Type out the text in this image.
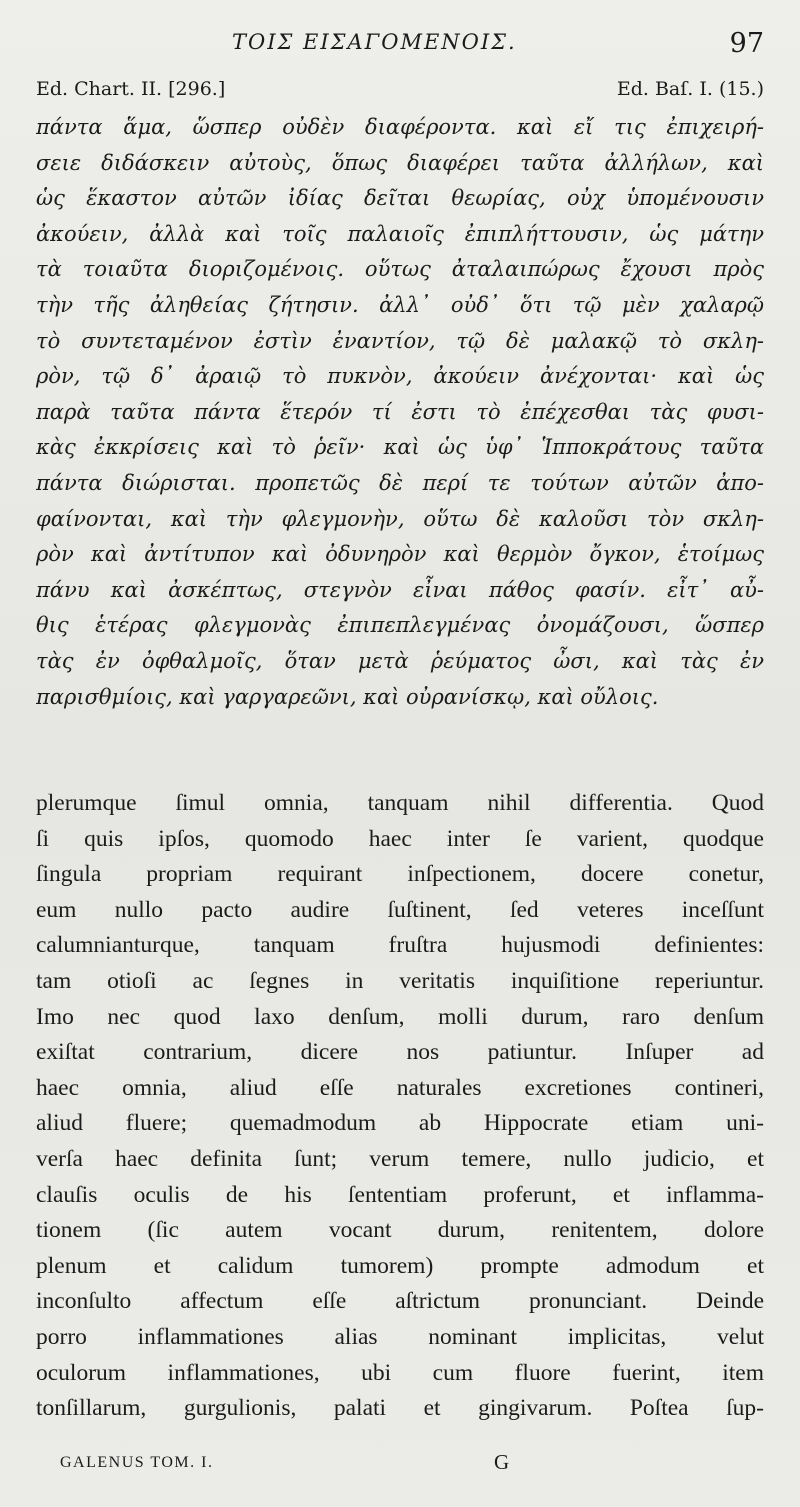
ΤΟΙΣ ΕΙΣΑΓΟΜΕΝΟΙΣ.	97
Ed. Chart. II. [296.]	Ed. Baſ. I. (15.)
πάντα ἅμα, ὥσπερ οὐδὲν διαφέροντα. καὶ εἴ τις ἐπιχειρή-
σειε διδάσκειν αὐτοὺς, ὅπως διαφέρει ταῦτα ἀλλήλων, καὶ
ὡς ἕκαστον αὐτῶν ἰδίας δεῖται θεωρίας, οὐχ ὑπομένουσιν
ἀκούειν, ἀλλὰ καὶ τοῖς παλαιοῖς ἐπιπλήττουσιν, ὡς μάτην
τὰ τοιαῦτα διοριζομένοις. οὕτως ἀταλαιπώρως ἔχουσι πρὸς
τὴν τῆς ἀληθείας ζήτησιν. ἀλλ᾽ οὐδ᾽ ὅτι τῷ μὲν χαλαρῷ
τὸ συντεταμένον ἐστὶν ἐναντίον, τῷ δὲ μαλακῷ τὸ σκλη-
ρὸν, τῷ δ᾽ ἀραιῷ τὸ πυκνὸν, ἀκούειν ἀνέχονται· καὶ ὡς
παρὰ ταῦτα πάντα ἕτερόν τί ἐστι τὸ ἐπέχεσθαι τὰς φυσι-
κὰς ἐκκρίσεις καὶ τὸ ῥεῖν· καὶ ὡς ὑφ᾽ Ἱπποκράτους ταῦτα
πάντα διώρισται. προπετῶς δὲ περί τε τούτων αὐτῶν ἀπο-
φαίνονται, καὶ τὴν φλεγμονὴν, οὕτω δὲ καλοῦσι τὸν σκλη-
ρὸν καὶ ἀντίτυπον καὶ ὀδυνηρὸν καὶ θερμὸν ὄγκον, ἑτοίμως
πάνυ καὶ ἀσκέπτως, στεγνὸν εἶναι πάθος φασίν. εἶτ᾽ αὖ-
θις ἑτέρας φλεγμονὰς ἐπιπεπλεγμένας ὀνομάζουσι, ὥσπερ
τὰς ἐν ὀφθαλμοῖς, ὅταν μετὰ ῥεύματος ὦσι, καὶ τὰς ἐν
παρισθμίοις, καὶ γαργαρεῶνι, καὶ οὐρανίσκῳ, καὶ οὔλοις.
plerumque ſimul omnia, tanquam nihil differentia. Quod
ſi quis ipſos, quomodo haec inter ſe varient, quodque
ſingula propriam requirant inſpectionem, docere conetur,
eum nullo pacto audire ſuſtinent, ſed veteres inceſſunt
calumnianturque, tanquam fruſtra hujusmodi definientes:
tam otioſi ac ſegnes in veritatis inquiſitione reperiuntur.
Imo nec quod laxo denſum, molli durum, raro denſum
exiſtat contrarium, dicere nos patiuntur. Inſuper ad
haec omnia, aliud eſſe naturales excretiones contineri,
aliud fluere; quemadmodum ab Hippocrate etiam uni-
verſa haec definita ſunt; verum temere, nullo judicio, et
clauſis oculis de his ſententiam proferunt, et inflamma-
tionem (ſic autem vocant durum, renitentem, dolore
plenum et calidum tumorem) prompte admodum et
inconſulto affectum eſſe aſtrictum pronunciant. Deinde
porro inflammationes alias nominant implicitas, velut
oculorum inflammationes, ubi cum fluore fuerint, item
tonſillarum, gurgulionis, palati et gingivarum. Poſtea ſup-
GALENUS TOM. I.	G
